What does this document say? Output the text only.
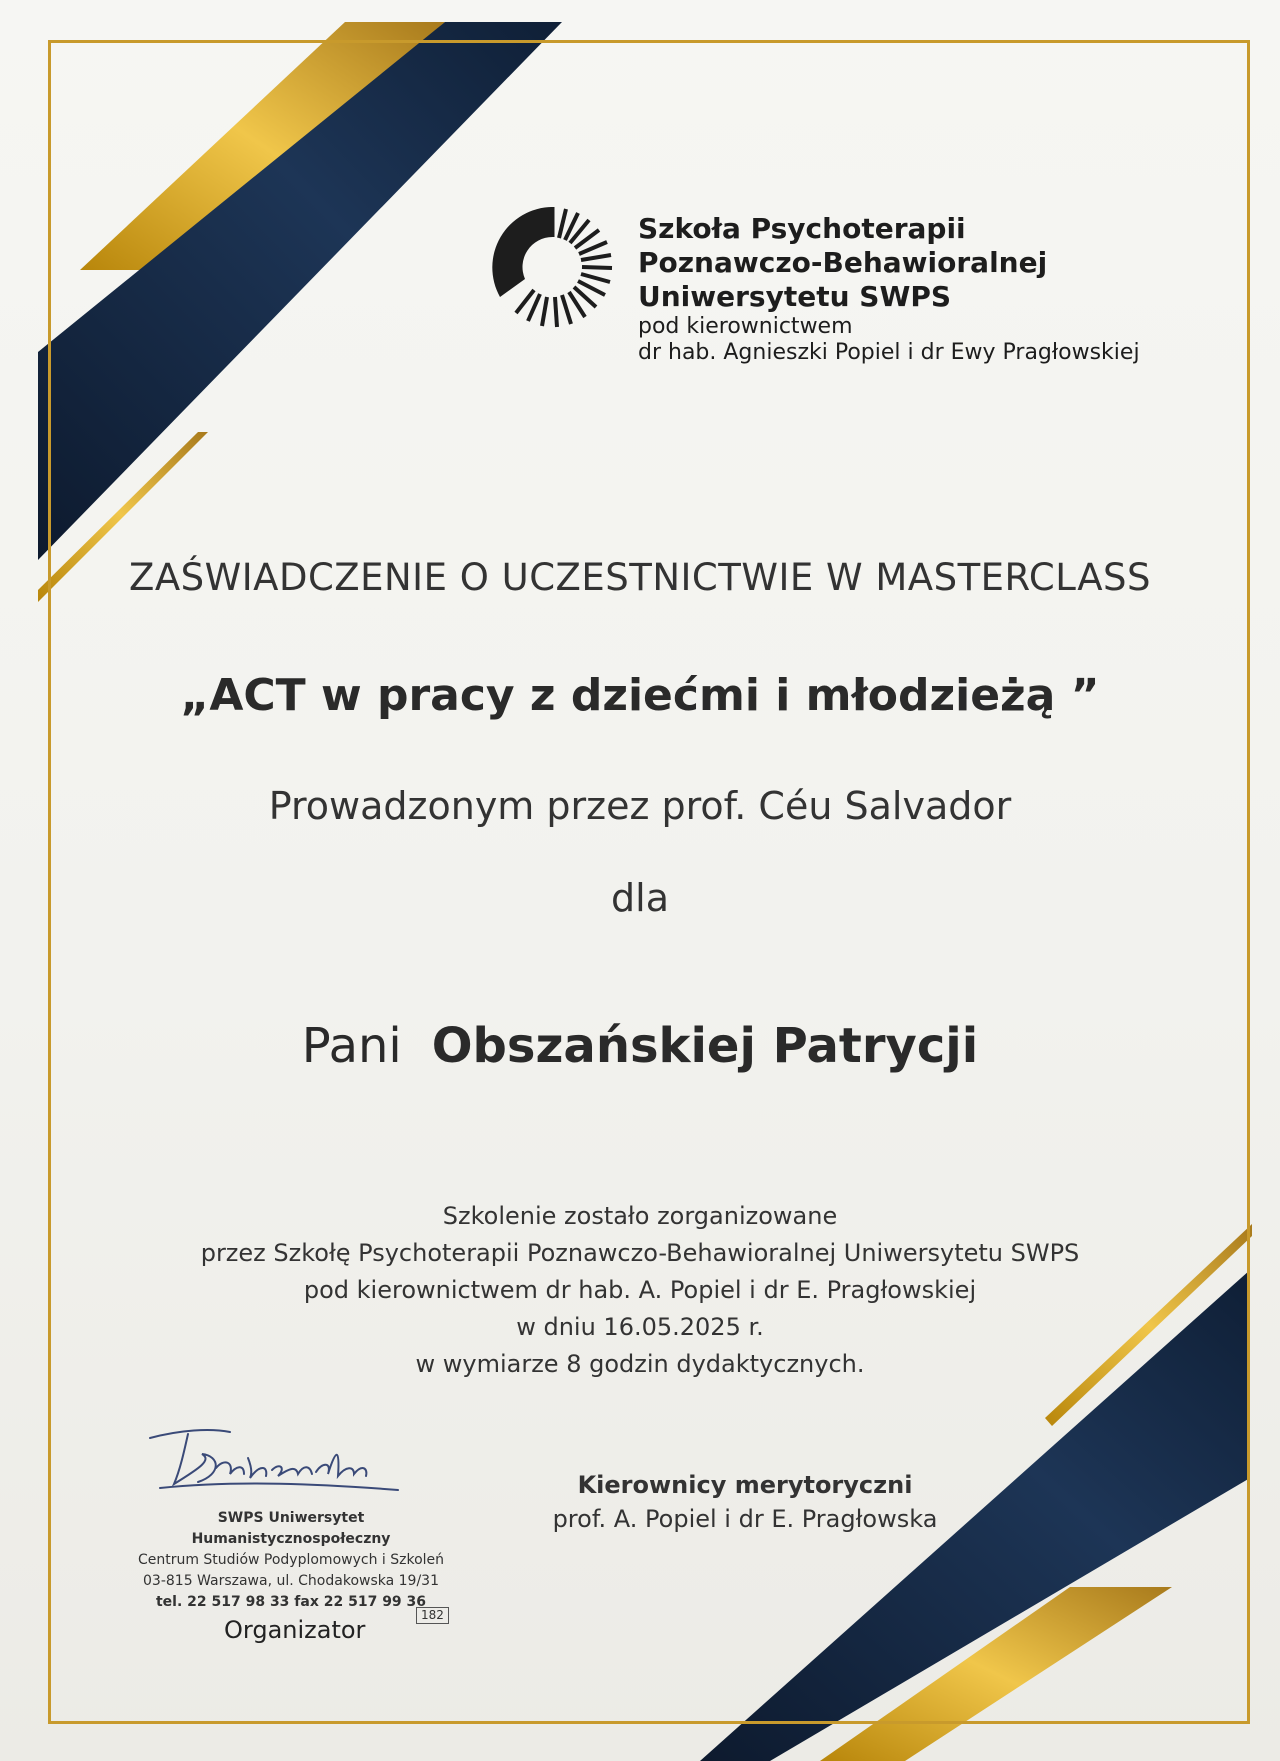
Szkoła Psychoterapii
Poznawczo-Behawioralnej
Uniwersytetu SWPS
pod kierownictwem
dr hab. Agnieszki Popiel i dr Ewy Pragłowskiej
ZAŚWIADCZENIE O UCZESTNICTWIE W MASTERCLASS
„ACT w pracy z dziećmi i młodzieżą ”
Prowadzonym przez prof. Céu Salvador
dla
Pani Obszańskiej Patrycji
Szkolenie zostało zorganizowane
przez Szkołę Psychoterapii Poznawczo-Behawioralnej Uniwersytetu SWPS
pod kierownictwem dr hab. A. Popiel i dr E. Pragłowskiej
w dniu 16.05.2025 r.
w wymiarze 8 godzin dydaktycznych.
SWPS Uniwersytet Humanistycznospołeczny
Centrum Studiów Podyplomowych i Szkoleń
03-815 Warszawa, ul. Chodakowska 19/31
tel. 22 517 98 33 fax 22 517 99 36
182
Organizator
Kierownicy merytoryczni
prof. A. Popiel i dr E. Pragłowska
